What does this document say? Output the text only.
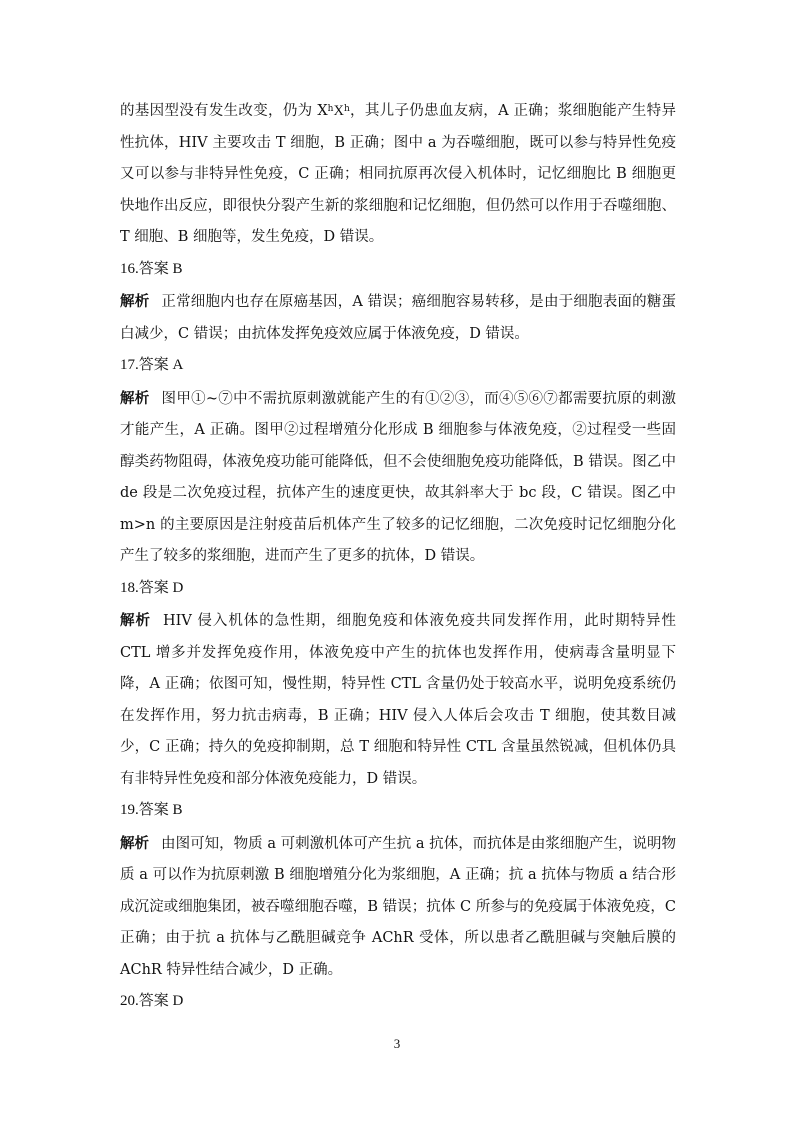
的基因型没有发生改变，仍为 $X^hX^h$，其儿子仍患血友病，A 正确；浆细胞能产生特异性抗体，HIV 主要攻击 T 细胞，B 正确；图中 a 为吞噬细胞，既可以参与特异性免疫又可以参与非特异性免疫，C 正确；相同抗原再次侵入机体时，记忆细胞比 B 细胞更快地作出反应，即很快分裂产生新的浆细胞和记忆细胞，但仍然可以作用于吞噬细胞、T 细胞、B 细胞等，发生免疫，D 错误。

16.答案 B

解析 正常细胞内也存在原癌基因，A 错误；癌细胞容易转移，是由于细胞表面的糖蛋白减少，C 错误；由抗体发挥免疫效应属于体液免疫，D 错误。

17.答案 A

解析 图甲①~⑦中不需抗原刺激就能产生的有①②③，而④⑤⑥⑦都需要抗原的刺激才能产生，A 正确。图甲②过程增殖分化形成 B 细胞参与体液免疫，②过程受一些固醇类药物阻碍，体液免疫功能可能降低，但不会使细胞免疫功能降低，B 错误。图乙中 de 段是二次免疫过程，抗体产生的速度更快，故其斜率大于 bc 段，C 错误。图乙中 m>n 的主要原因是注射疫苗后机体产生了较多的记忆细胞，二次免疫时记忆细胞分化产生了较多的浆细胞，进而产生了更多的抗体，D 错误。

18.答案 D

解析 HIV 侵入机体的急性期，细胞免疫和体液免疫共同发挥作用，此时期特异性 CTL 增多并发挥免疫作用，体液免疫中产生的抗体也发挥作用，使病毒含量明显下降，A 正确；依图可知，慢性期，特异性 CTL 含量仍处于较高水平，说明免疫系统仍在发挥作用，努力抗击病毒，B 正确；HIV 侵入人体后会攻击 T 细胞，使其数目减少，C 正确；持久的免疫抑制期，总 T 细胞和特异性 CTL 含量虽然锐减，但机体仍具有非特异性免疫和部分体液免疫能力，D 错误。

19.答案 B

解析 由图可知，物质 a 可刺激机体可产生抗 a 抗体，而抗体是由浆细胞产生，说明物质 a 可以作为抗原刺激 B 细胞增殖分化为浆细胞，A 正确；抗 a 抗体与物质 a 结合形成沉淀或细胞集团，被吞噬细胞吞噬，B 错误；抗体 C 所参与的免疫属于体液免疫，C 正确；由于抗 a 抗体与乙酰胆碱竞争 AChR 受体，所以患者乙酰胆碱与突触后膜的 AChR 特异性结合减少，D 正确。

20.答案 D

3
